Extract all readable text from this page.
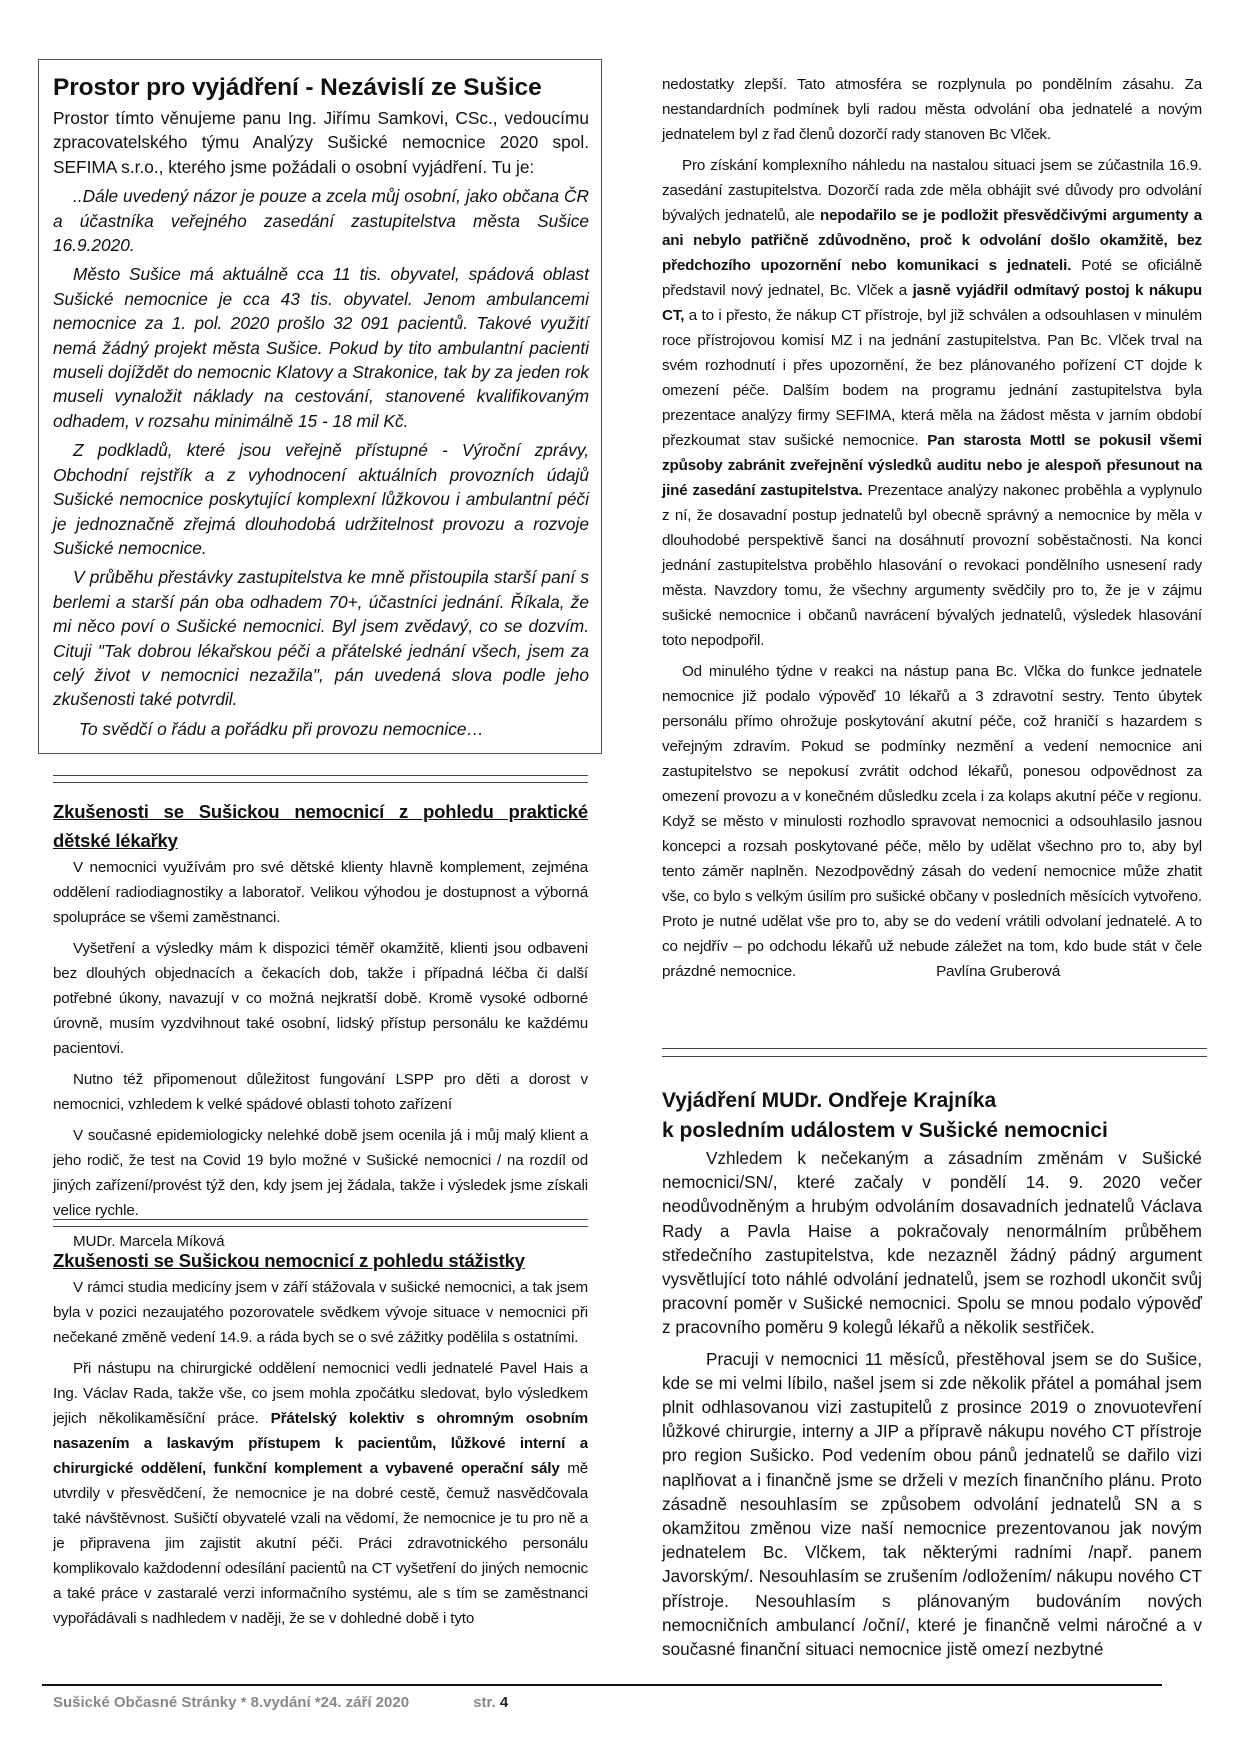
Prostor pro vyjádření - Nezávislí ze Sušice

Prostor tímto věnujeme panu Ing. Jiřímu Samkovi, CSc., vedoucímu zpracovatelského týmu Analýzy Sušické nemocnice 2020 spol. SEFIMA s.r.o., kterého jsme požádali o osobní vyjádření. Tu je:

..Dále uvedený názor je pouze a zcela můj osobní, jako občana ČR a účastníka veřejného zasedání zastupitelstva města Sušice 16.9.2020.

Město Sušice má aktuálně cca 11 tis. obyvatel, spádová oblast Sušické nemocnice je cca 43 tis. obyvatel. Jenom ambulancemi nemocnice za 1. pol. 2020 prošlo 32 091 pacientů. Takové využití nemá žádný projekt města Sušice. Pokud by tito ambulantní pacienti museli dojíždět do nemocnic Klatovy a Strakonice, tak by za jeden rok museli vynaložit náklady na cestování, stanovené kvalifikovaným odhadem, v rozsahu minimálně 15 - 18 mil Kč.

Z podkladů, které jsou veřejně přístupné - Výroční zprávy, Obchodní rejstřík a z vyhodnocení aktuálních provozních údajů Sušické nemocnice poskytující komplexní lůžkovou i ambulantní péči je jednoznačně zřejmá dlouhodobá udržitelnost provozu a rozvoje Sušické nemocnice.

V průběhu přestávky zastupitelstva ke mně přistoupila starší paní s berlemi a starší pán oba odhadem 70+, účastníci jednání. Říkala, že mi něco poví o Sušické nemocnici. Byl jsem zvědavý, co se dozvím. Cituji "Tak dobrou lékařskou péči a přátelské jednání všech, jsem za celý život v nemocnici nezažila", pán uvedená slova podle jeho zkušenosti také potvrdil.

To svědčí o řádu a pořádku při provozu nemocnice…

Zkušenosti se Sušickou nemocnicí z pohledu praktické dětské lékařky

V nemocnici využívám pro své dětské klienty hlavně komplement, zejména oddělení radiodiagnostiky a laboratoř. Velikou výhodou je dostupnost a výborná spolupráce se všemi zaměstnanci.

Vyšetření a výsledky mám k dispozici téměř okamžitě, klienti jsou odbaveni bez dlouhých objednacích a čekacích dob, takže i případná léčba či další potřebné úkony, navazují v co možná nejkratší době. Kromě vysoké odborné úrovně, musím vyzdvihnout také osobní, lidský přístup personálu ke každému pacientovi.

Nutno též připomenout důležitost fungování LSPP pro děti a dorost v nemocnici, vzhledem k velké spádové oblasti tohoto zařízení

V současné epidemiologicky nelehké době jsem ocenila já i můj malý klient a jeho rodič, že test na Covid 19 bylo možné v Sušické nemocnici / na rozdíl od jiných zařízení/provést týž den, kdy jsem jej žádala, takže i výsledek jsme získali velice rychle.

MUDr. Marcela Míková

Zkušenosti se Sušickou nemocnicí z pohledu stážistky

V rámci studia medicíny jsem v září stážovala v sušické nemocnici, a tak jsem byla v pozici nezaujatého pozorovatele svědkem vývoje situace v nemocnici při nečekané změně vedení 14.9. a ráda bych se o své zážitky podělila s ostatními.

Při nástupu na chirurgické oddělení nemocnici vedli jednatelé Pavel Hais a Ing. Václav Rada, takže vše, co jsem mohla zpočátku sledovat, bylo výsledkem jejich několikaměsíční práce. Přátelský kolektiv s ohromným osobním nasazením a laskavým přístupem k pacientům, lůžkové interní a chirurgické oddělení, funkční komplement a vybavené operační sály mě utvrdily v přesvědčení, že nemocnice je na dobré cestě, čemuž nasvědčovala také návštěvnost. Sušičtí obyvatelé vzali na vědomí, že nemocnice je tu pro ně a je připravena jim zajistit akutní péči. Práci zdravotnického personálu komplikovalo každodenní odesílání pacientů na CT vyšetření do jiných nemocnic a také práce v zastaralé verzi informačního systému, ale s tím se zaměstnanci vypořádávali s nadhledem v naději, že se v dohledné době i tyto

nedostatky zlepší. Tato atmosféra se rozplynula po pondělním zásahu. Za nestandardních podmínek byli radou města odvolání oba jednatelé a novým jednatelem byl z řad členů dozorčí rady stanoven Bc Vlček.

Pro získání komplexního náhledu na nastalou situaci jsem se zúčastnila 16.9. zasedání zastupitelstva. Dozorčí rada zde měla obhájit své důvody pro odvolání bývalých jednatelů, ale nepodařilo se je podložit přesvědčivými argumenty a ani nebylo patřičně zdůvodněno, proč k odvolání došlo okamžitě, bez předchozího upozornění nebo komunikaci s jednateli. Poté se oficiálně představil nový jednatel, Bc. Vlček a jasně vyjádřil odmítavý postoj k nákupu CT, a to i přesto, že nákup CT přístroje, byl již schválen a odsouhlasen v minulém roce přístrojovou komisí MZ i na jednání zastupitelstva. Pan Bc. Vlček trval na svém rozhodnutí i přes upozornění, že bez plánovaného pořízení CT dojde k omezení péče. Dalším bodem na programu jednání zastupitelstva byla prezentace analýzy firmy SEFIMA, která měla na žádost města v jarním období přezkoumat stav sušické nemocnice. Pan starosta Mottl se pokusil všemi způsoby zabránit zveřejnění výsledků auditu nebo je alespoň přesunout na jiné zasedání zastupitelstva. Prezentace analýzy nakonec proběhla a vyplynulo z ní, že dosavadní postup jednatelů byl obecně správný a nemocnice by měla v dlouhodobé perspektivě šanci na dosáhnutí provozní soběstačnosti. Na konci jednání zastupitelstva proběhlo hlasování o revokaci pondělního usnesení rady města. Navzdory tomu, že všechny argumenty svědčily pro to, že je v zájmu sušické nemocnice i občanů navrácení bývalých jednatelů, výsledek hlasování toto nepodpořil.

Od minulého týdne v reakci na nástup pana Bc. Vlčka do funkce jednatele nemocnice již podalo výpověď 10 lékařů a 3 zdravotní sestry. Tento úbytek personálu přímo ohrožuje poskytování akutní péče, což hraničí s hazardem s veřejným zdravím. Pokud se podmínky nezmění a vedení nemocnice ani zastupitelstvo se nepokusí zvrátit odchod lékařů, ponesou odpovědnost za omezení provozu a v konečném důsledku zcela i za kolaps akutní péče v regionu. Když se město v minulosti rozhodlo spravovat nemocnici a odsouhlasilo jasnou koncepci a rozsah poskytované péče, mělo by udělat všechno pro to, aby byl tento záměr naplněn. Nezodpovědný zásah do vedení nemocnice může zhatit vše, co bylo s velkým úsilím pro sušické občany v posledních měsících vytvořeno. Proto je nutné udělat vše pro to, aby se do vedení vrátili odvolaní jednatelé. A to co nejdřív – po odchodu lékařů už nebude záležet na tom, kdo bude stát v čele prázdné nemocnice.	Pavlína Gruberová

Vyjádření MUDr. Ondřeje Krajníka
k posledním událostem v Sušické nemocnici

Vzhledem k nečekaným a zásadním změnám v Sušické nemocnici/SN/, které začaly v pondělí 14. 9. 2020 večer neodůvodněným a hrubým odvoláním dosavadních jednatelů Václava Rady a Pavla Haise a pokračovaly nenormálním průběhem středečního zastupitelstva, kde nezazněl žádný pádný argument vysvětlující toto náhlé odvolání jednatelů, jsem se rozhodl ukončit svůj pracovní poměr v Sušické nemocnici. Spolu se mnou podalo výpověď z pracovního poměru 9 kolegů lékařů a několik sestřiček.

Pracuji v nemocnici 11 měsíců, přestěhoval jsem se do Sušice, kde se mi velmi líbilo, našel jsem si zde několik přátel a pomáhal jsem plnit odhlasovanou vizi zastupitelů z prosince 2019 o znovuotevření lůžkové chirurgie, interny a JIP a přípravě nákupu nového CT přístroje pro region Sušicko. Pod vedením obou pánů jednatelů se dařilo vizi naplňovat a i finančně jsme se drželi v mezích finančního plánu. Proto zásadně nesouhlasím se způsobem odvolání jednatelů SN a s okamžitou změnou vize naší nemocnice prezentovanou jak novým jednatelem Bc. Vlčkem, tak některými radními /např. panem Javorským/. Nesouhlasím se zrušením /odložením/ nákupu nového CT přístroje. Nesouhlasím s plánovaným budováním nových nemocničních ambulancí /oční/, které je finančně velmi náročné a v současné finanční situaci nemocnice jistě omezí nezbytné

Sušické Občasné Stránky * 8.vydání *24. září 2020	str. 4
